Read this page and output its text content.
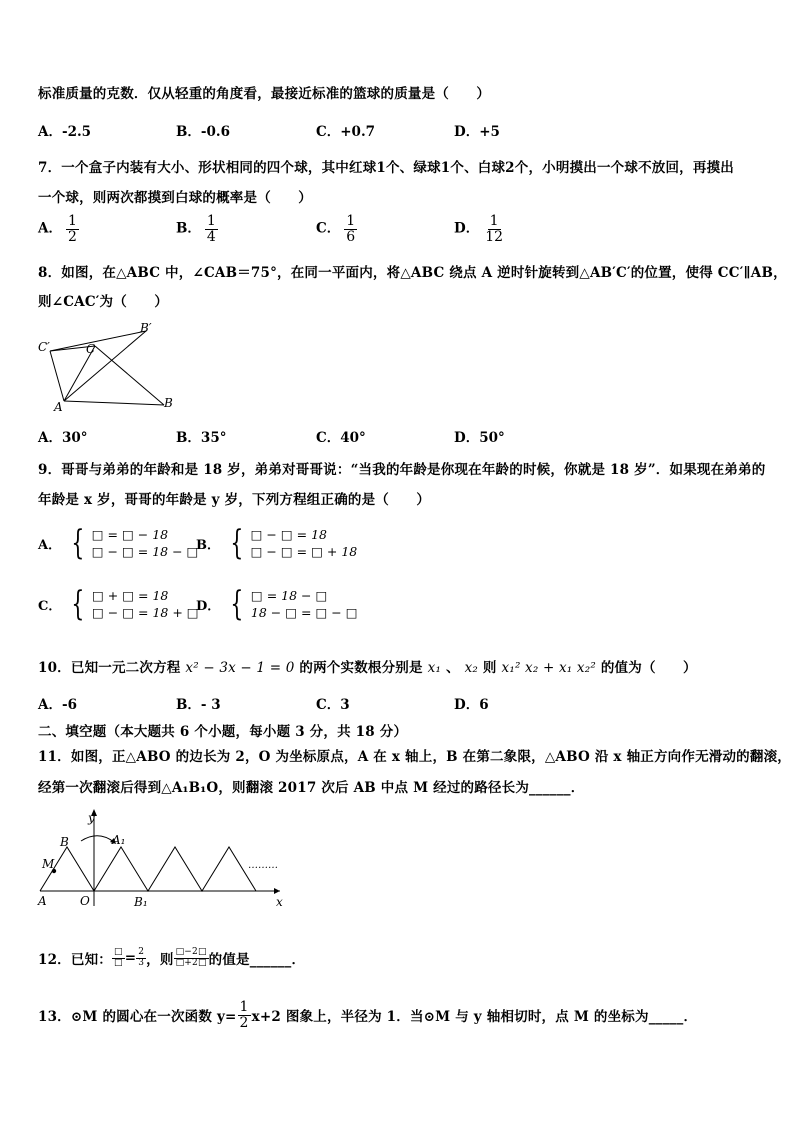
标准质量的克数．仅从轻重的角度看，最接近标准的篮球的质量是（　　）
A．-2.5	B．-0.6	C．+0.7	D．+5
7．一个盒子内装有大小、形状相同的四个球，其中红球1个、绿球1个、白球2个，小明摸出一个球不放回，再摸出
一个球，则两次都摸到白球的概率是（　　）
A． $\frac{1}{2}$	B． $\frac{1}{4}$	C． $\frac{1}{6}$	D． $\frac{1}{12}$
8．如图，在△ABC 中，∠CAB＝75°，在同一平面内，将△ABC 绕点 A 逆时针旋转到△AB′C′的位置，使得 CC′∥AB，
则∠CAC′为（　　）
C′
B′
C
A	B
A．30°	B．35°	C．40°	D．50°
9．哥哥与弟弟的年龄和是 18 岁，弟弟对哥哥说：“当我的年龄是你现在年龄的时候，你就是 18 岁”．如果现在弟弟的
年龄是 x 岁，哥哥的年龄是 y 岁，下列方程组正确的是（　　）
A． { □ = □ − 18
□ − □ = 18 − □
B． { □ − □ = 18
□ − □ = □ + 18
C． { □ + □ = 18
□ − □ = 18 + □
D． { □ = 18 − □
18 − □ = □ − □
10．已知一元二次方程 x² − 3x − 1 = 0 的两个实数根分别是 x₁ 、 x₂ 则 x₁² x₂ + x₁ x₂² 的值为（　　）
A．-6	B．- 3	C．3	D．6
二、填空题（本大题共 6 个小题，每小题 3 分，共 18 分）
11．如图，正△ABO 的边长为 2，O 为坐标原点，A 在 x 轴上，B 在第二象限，△ABO 沿 x 轴正方向作无滑动的翻滚，
经第一次翻滚后得到△A₁B₁O，则翻滚 2017 次后 AB 中点 M 经过的路径长为______．
y
x
B	A₁
M
A	O	B₁
………
12．已知： $\frac{□}{□} = \frac{2}{3}$ ，则 $\frac{□-2□}{□+2□}$ 的值是______．
13．⊙M 的圆心在一次函数 $y= \frac{1}{2} x+2$ 图象上，半径为 1．当⊙M 与 y 轴相切时，点 M 的坐标为_____．
